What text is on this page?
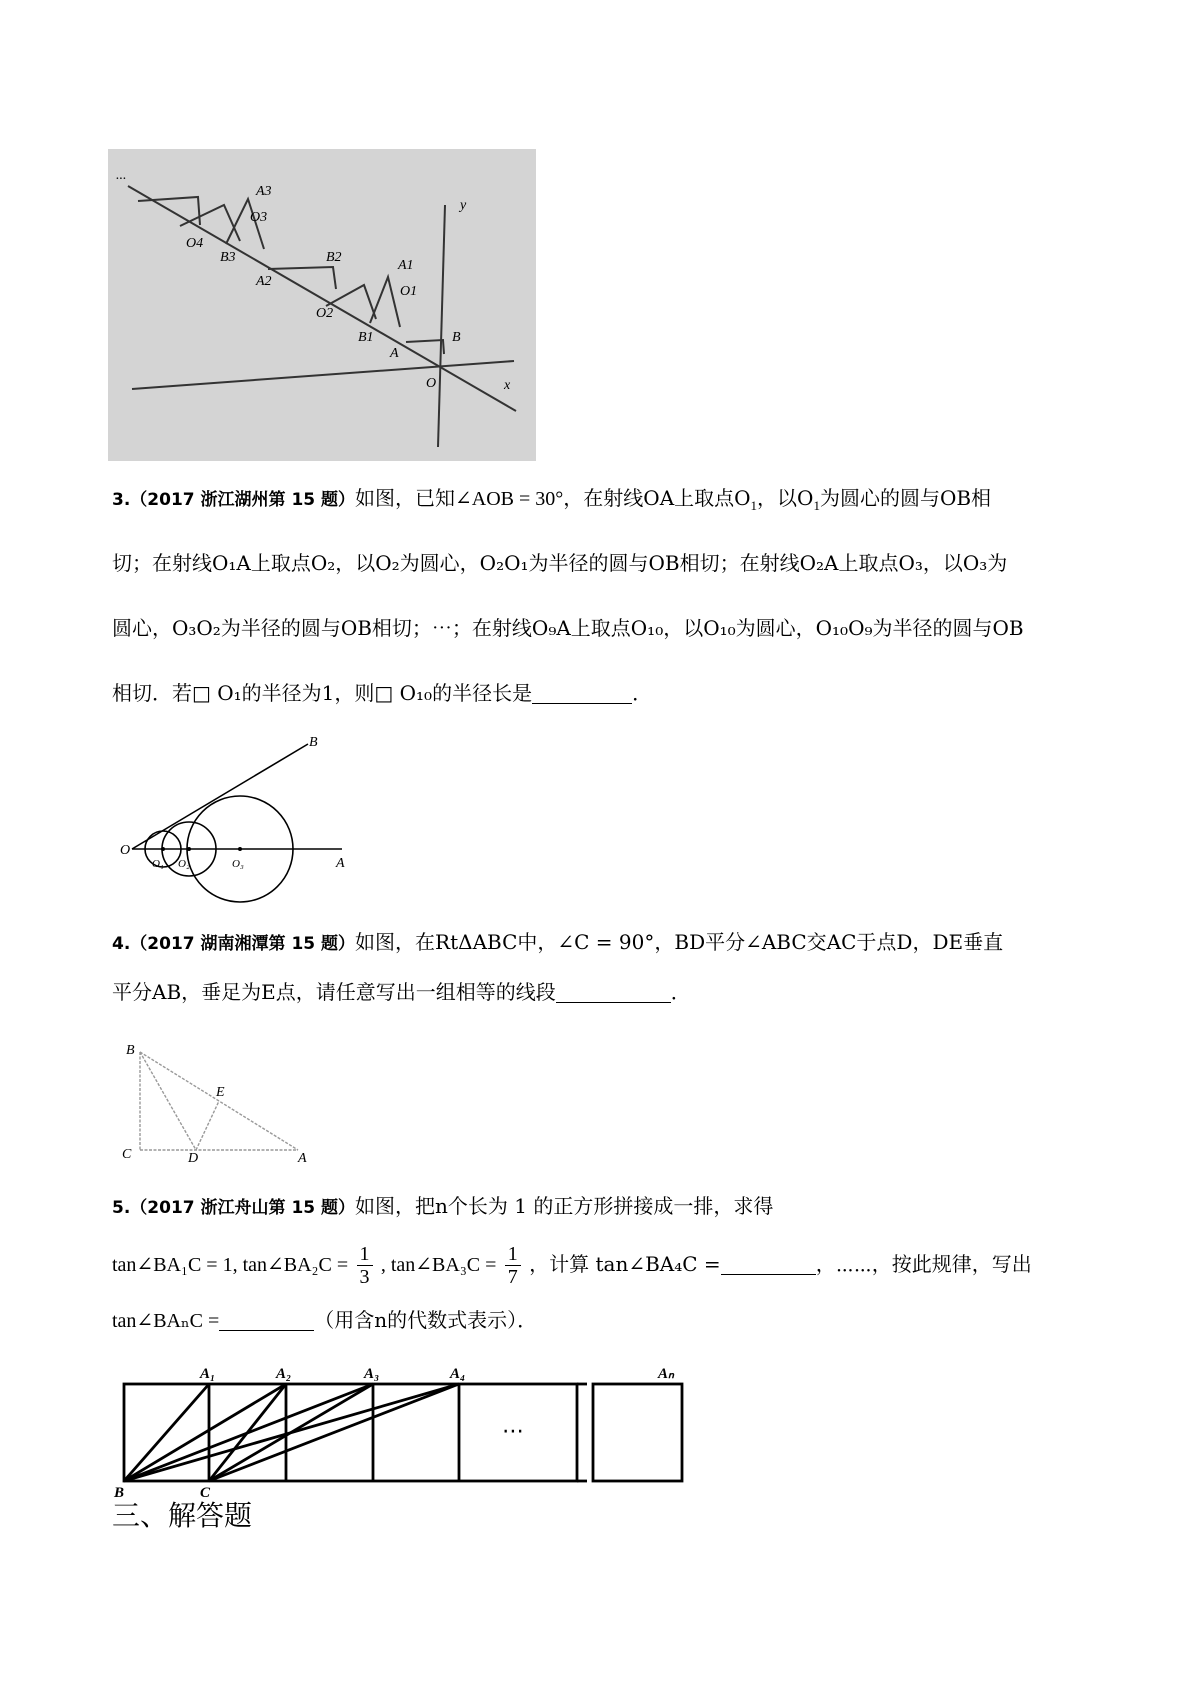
...
A3
O3
O4
B3	B2
A2
A1
O1
O2
B1
A
B
O	x
y
3.（2017 浙江湖州第 15 题）如图，已知∠AOB = 30°，在射线OA上取点$O_1$，以$O_1$为圆心的圆与OB相
切；在射线O₁A上取点O₂，以O₂为圆心，O₂O₁为半径的圆与OB相切；在射线O₂A上取点O₃，以O₃为
圆心，O₃O₂为半径的圆与OB相切；⋯；在射线O₉A上取点O₁₀，以O₁₀为圆心，O₁₀O₉为半径的圆与OB
相切．若□ O₁的半径为1，则□ O₁₀的半径长是	．
B
O
O₁ O₂	O₃	A
4.（2017 湖南湘潭第 15 题）如图，在RtΔABC中，∠C = 90°，BD平分∠ABC交AC于点D，DE垂直
平分AB，垂足为E点，请任意写出一组相等的线段	．
B
E
C	D	A
5.（2017 浙江舟山第 15 题）如图，把n个长为 1 的正方形拼接成一排，求得
tan∠BA₁C = 1, tan∠BA₂C = $\frac{1}{3}$ , tan∠BA₃C = $\frac{1}{7}$ ，计算 tan∠BA₄C =	，⋯⋯，按此规律，写出
tan∠BAₙC =	（用含n的代数式表示）．
⋯
A₁	A₂	A₃	A₄	Aₙ
B	C
三、解答题
